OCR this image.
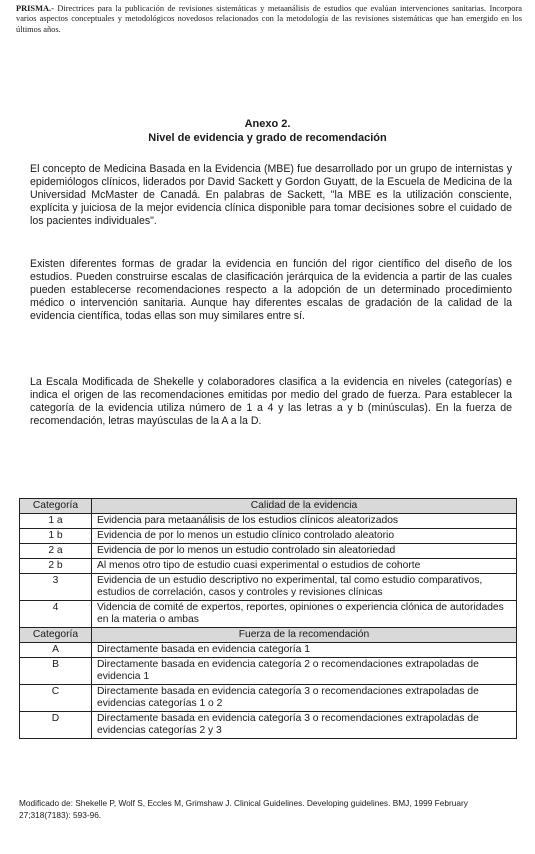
PRISMA.- Directrices para la publicación de revisiones sistemáticas y metaanálisis de estudios que evalúan intervenciones sanitarias. Incorpora varios aspectos conceptuales y metodológicos novedosos relacionados con la metodología de las revisiones sistemáticas que han emergido en los últimos años.
Anexo 2.
Nivel de evidencia y grado de recomendación

El concepto de Medicina Basada en la Evidencia (MBE) fue desarrollado por un grupo de internistas y epidemiólogos clínicos, liderados por David Sackett y Gordon Guyatt, de la Escuela de Medicina de la Universidad McMaster de Canadá. En palabras de Sackett, "la MBE es la utilización consciente, explícita y juiciosa de la mejor evidencia clínica disponible para tomar decisiones sobre el cuidado de los pacientes individuales".

Existen diferentes formas de gradar la evidencia en función del rigor científico del diseño de los estudios. Pueden construirse escalas de clasificación jerárquica de la evidencia a partir de las cuales pueden establecerse recomendaciones respecto a la adopción de un determinado procedimiento médico o intervención sanitaria. Aunque hay diferentes escalas de gradación de la calidad de la evidencia científica, todas ellas son muy similares entre sí.

La Escala Modificada de Shekelle y colaboradores clasifica a la evidencia en niveles (categorías) e indica el origen de las recomendaciones emitidas por medio del grado de fuerza. Para establecer la categoría de la evidencia utiliza número de 1 a 4 y las letras a y b (minúsculas). En la fuerza de recomendación, letras mayúsculas de la A a la D.

Categoría	Calidad de la evidencia
1 a	Evidencia para metaanálisis de los estudios clínicos aleatorizados
1 b	Evidencia de por lo menos un estudio clínico controlado aleatorio
2 a	Evidencia de por lo menos un estudio controlado sin aleatoriedad
2 b	Al menos otro tipo de estudio cuasi experimental o estudios de cohorte
3	Evidencia de un estudio descriptivo no experimental, tal como estudio comparativos, estudios de correlación, casos y controles y revisiones clínicas
4	Videncia de comité de expertos, reportes, opiniones o experiencia clónica de autoridades en la materia o ambas
Categoría	Fuerza de la recomendación
A	Directamente basada en evidencia categoría 1
B	Directamente basada en evidencia categoría 2 o recomendaciones extrapoladas de evidencia 1
C	Directamente basada en evidencia categoría 3 o recomendaciones extrapoladas de evidencias categorías 1 o 2
D	Directamente basada en evidencia categoría 3 o recomendaciones extrapoladas de evidencias categorías 2 y 3
Modificado de: Shekelle P, Wolf S, Eccles M, Grimshaw J. Clinical Guidelines. Developing guidelines. BMJ, 1999 February 27;318(7183): 593-96.
